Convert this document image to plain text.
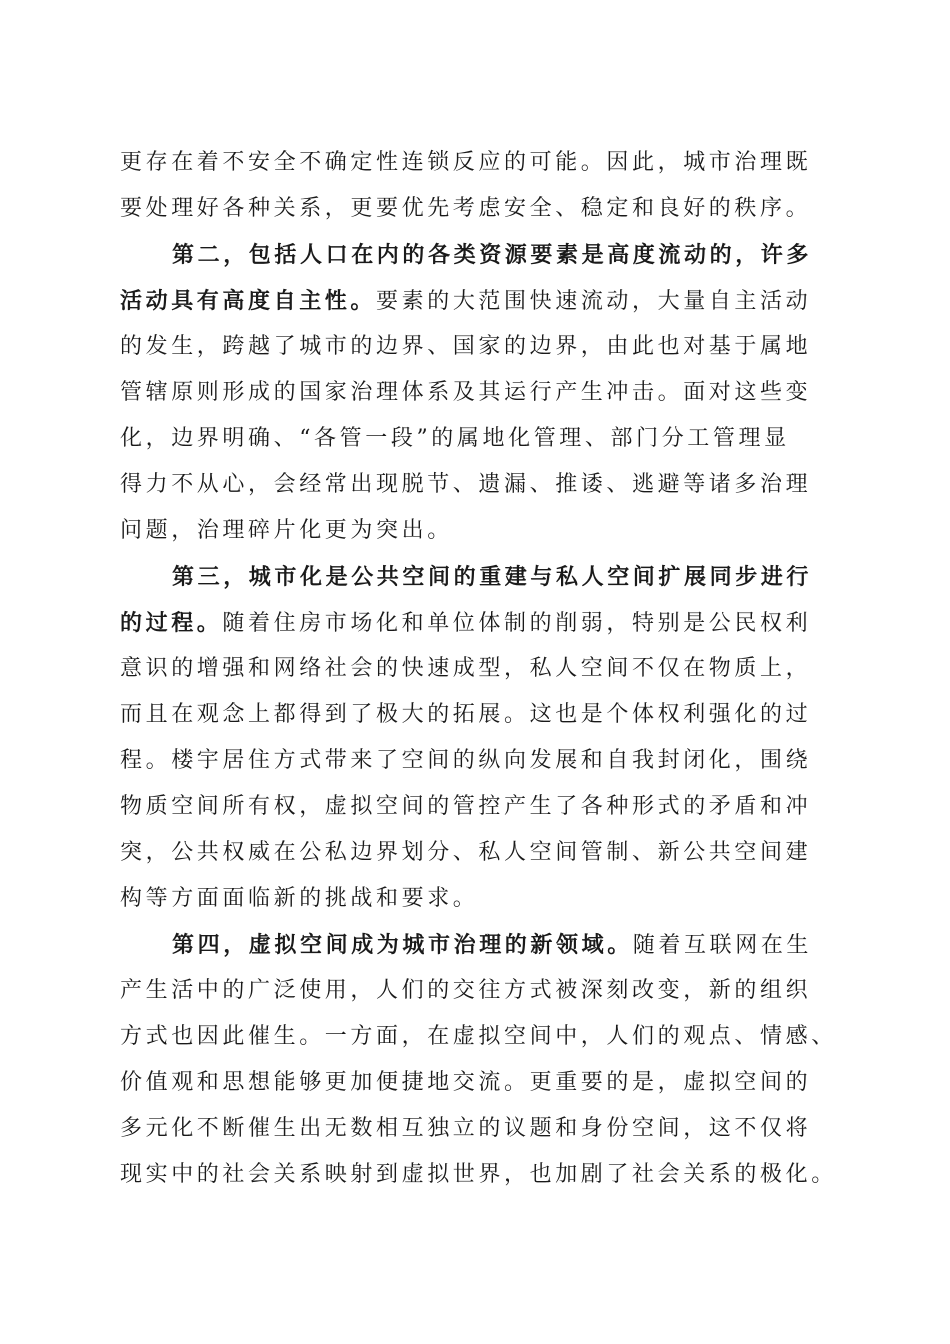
更存在着不安全不确定性连锁反应的可能。因此，城市治理既
要处理好各种关系，更要优先考虑安全、稳定和良好的秩序。
第二，包括人口在内的各类资源要素是高度流动的，许多
活动具有高度自主性。要素的大范围快速流动，大量自主活动
的发生，跨越了城市的边界、国家的边界，由此也对基于属地
管辖原则形成的国家治理体系及其运行产生冲击。面对这些变
化，边界明确、“各管一段”的属地化管理、部门分工管理显
得力不从心，会经常出现脱节、遗漏、推诿、逃避等诸多治理
问题，治理碎片化更为突出。
第三，城市化是公共空间的重建与私人空间扩展同步进行
的过程。随着住房市场化和单位体制的削弱，特别是公民权利
意识的增强和网络社会的快速成型，私人空间不仅在物质上，
而且在观念上都得到了极大的拓展。这也是个体权利强化的过
程。楼宇居住方式带来了空间的纵向发展和自我封闭化，围绕
物质空间所有权，虚拟空间的管控产生了各种形式的矛盾和冲
突，公共权威在公私边界划分、私人空间管制、新公共空间建
构等方面面临新的挑战和要求。
第四，虚拟空间成为城市治理的新领域。随着互联网在生
产生活中的广泛使用，人们的交往方式被深刻改变，新的组织
方式也因此催生。一方面，在虚拟空间中，人们的观点、情感、
价值观和思想能够更加便捷地交流。更重要的是，虚拟空间的
多元化不断催生出无数相互独立的议题和身份空间，这不仅将
现实中的社会关系映射到虚拟世界，也加剧了社会关系的极化。
